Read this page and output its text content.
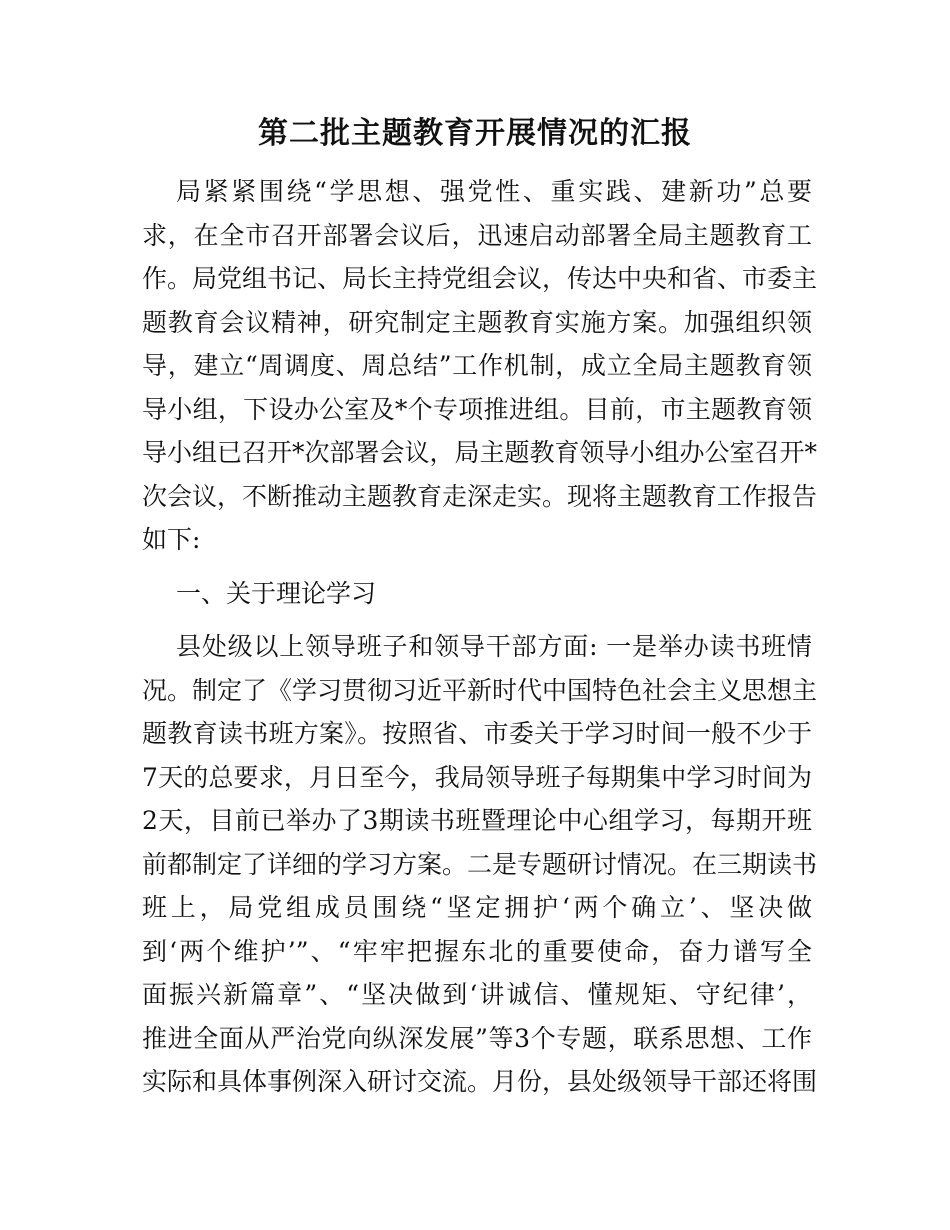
第二批主题教育开展情况的汇报
局紧紧围绕“学思想、强党性、重实践、建新功”总要
求，在全市召开部署会议后，迅速启动部署全局主题教育工
作。局党组书记、局长主持党组会议，传达中央和省、市委主
题教育会议精神，研究制定主题教育实施方案。加强组织领
导，建立“周调度、周总结”工作机制，成立全局主题教育领
导小组，下设办公室及*个专项推进组。目前，市主题教育领
导小组已召开*次部署会议，局主题教育领导小组办公室召开*
次会议，不断推动主题教育走深走实。现将主题教育工作报告
如下:
一、关于理论学习
县处级以上领导班子和领导干部方面: 一是举办读书班情
况。制定了《学习贯彻习近平新时代中国特色社会主义思想主
题教育读书班方案》。按照省、市委关于学习时间一般不少于
7天的总要求，月日至今，我局领导班子每期集中学习时间为
2天，目前已举办了3期读书班暨理论中心组学习，每期开班
前都制定了详细的学习方案。二是专题研讨情况。在三期读书
班上，局党组成员围绕“坚定拥护‘两个确立’、坚决做
到‘两个维护’”、“牢牢把握东北的重要使命，奋力谱写全
面振兴新篇章”、“坚决做到‘讲诚信、懂规矩、守纪律’，
推进全面从严治党向纵深发展”等3个专题，联系思想、工作
实际和具体事例深入研讨交流。月份，县处级领导干部还将围
